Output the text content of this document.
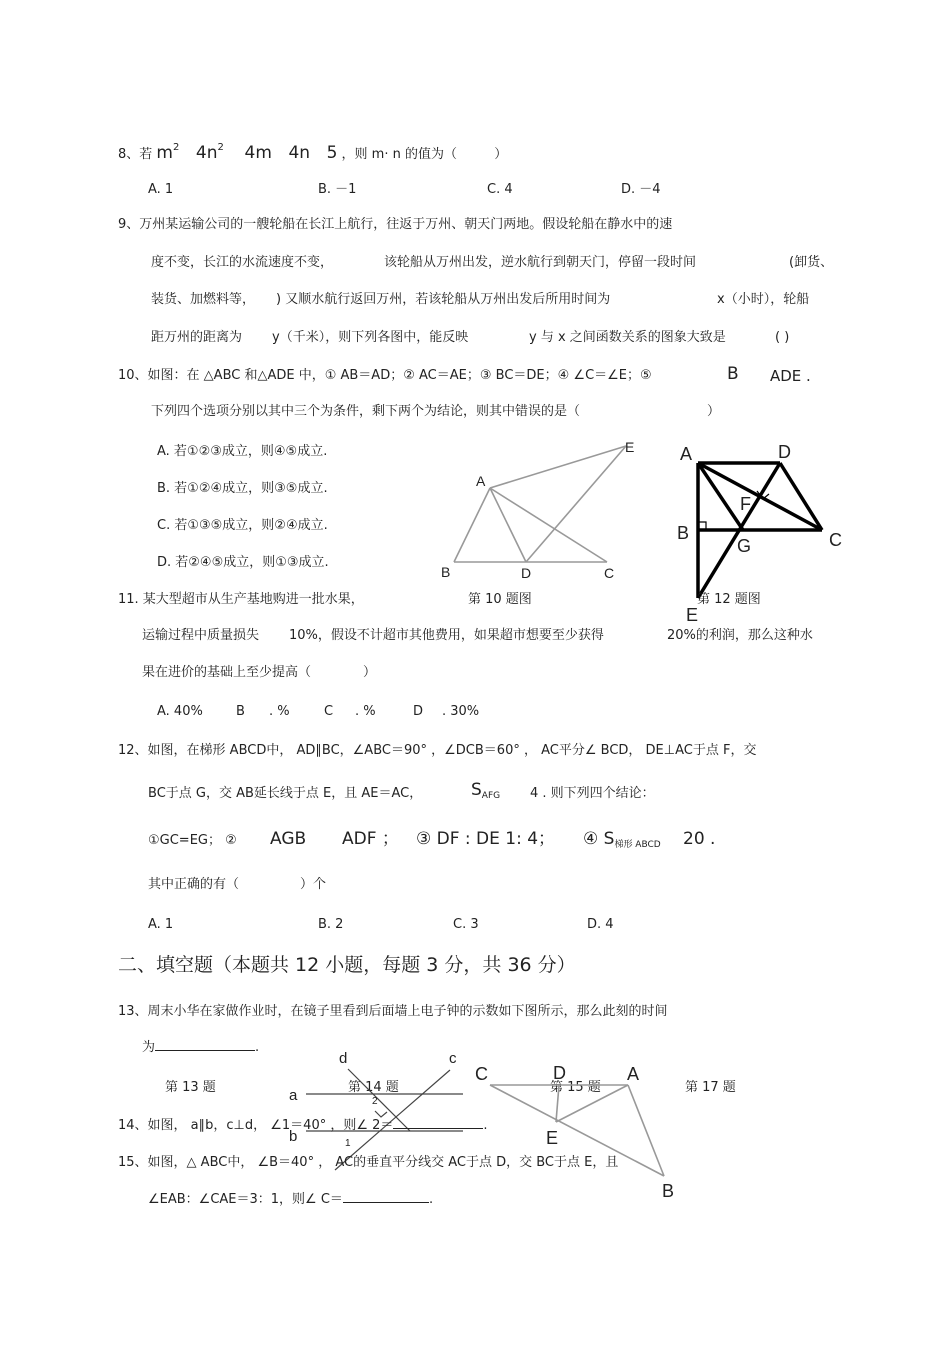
8、若 $m^2$ $4n^2$ 4m 4n 5 ，则 m· n 的值为（	）
A. 1	B. －1	C. 4	D. －4
9、万州某运输公司的一艘轮船在长江上航行，往返于万州、朝天门两地。假设轮船在静水中的速
度不变，长江的水流速度不变，	该轮船从万州出发，逆水航行到朝天门，停留一段时间	(卸货、
装货、加燃料等， ) 又顺水航行返回万州，若该轮船从万州出发后所用时间为	x（小时），轮船
距万州的距离为 y（千米），则下列各图中，能反映	y 与 x 之间函数关系的图象大致是	( )
10、如图：在 △ABC 和△ADE 中，① AB＝AD；② AC＝AE；③ BC＝DE；④ ∠C＝∠E；⑤	B ADE .
下列四个选项分别以其中三个为条件，剩下两个为结论，则其中错误的是（	）
A. 若①②③成立，则④⑤成立.
B. 若①②④成立，则③⑤成立.
C. 若①③⑤成立，则②④成立.
D. 若②④⑤成立，则①③成立.
A
B	D	C
E	A	D
F
B
G	C
E
11. 某大型超市从生产基地购进一批水果，	第 10 题图	第 12 题图
运输过程中质量损失 10%，假设不计超市其他费用，如果超市想要至少获得	20%的利润，那么这种水
果在进价的基础上至少提高（	）
A. 40%	B . %	C . %	D . 30%
12、如图，在梯形 ABCD中， AD∥BC，∠ABC＝90° ，∠DCB＝60° ， AC平分∠ BCD， DE⊥AC于点 F，交
BC于点 G，交 AB延长线于点 E，且 AE＝AC，	$S_{AFG}$ 4 . 则下列四个结论：
①GC=EG； ② AGB ADF ； ③ DF : DE 1: 4； ④ $S_{梯形 ABCD}$ 20 .
其中正确的有（	）个
A. 1	B. 2	C. 3	D. 4
二、填空题（本题共 12 小题，每题 3 分，共 36 分）
13、周末小华在家做作业时，在镜子里看到后面墙上电子钟的示数如下图所示，那么此刻的时间
为	.
第 13 题	第 14 题	第 15 题	第 17 题
d	c
a
b
2
1
C	D	A
E
B
14、如图， a∥b，c⊥d， ∠1＝40° ，则∠ 2＝	.
15、如图，△ ABC中， ∠B＝40° ， AC的垂直平分线交 AC于点 D，交 BC于点 E，且
∠EAB：∠CAE＝3：1，则∠ C＝	.
